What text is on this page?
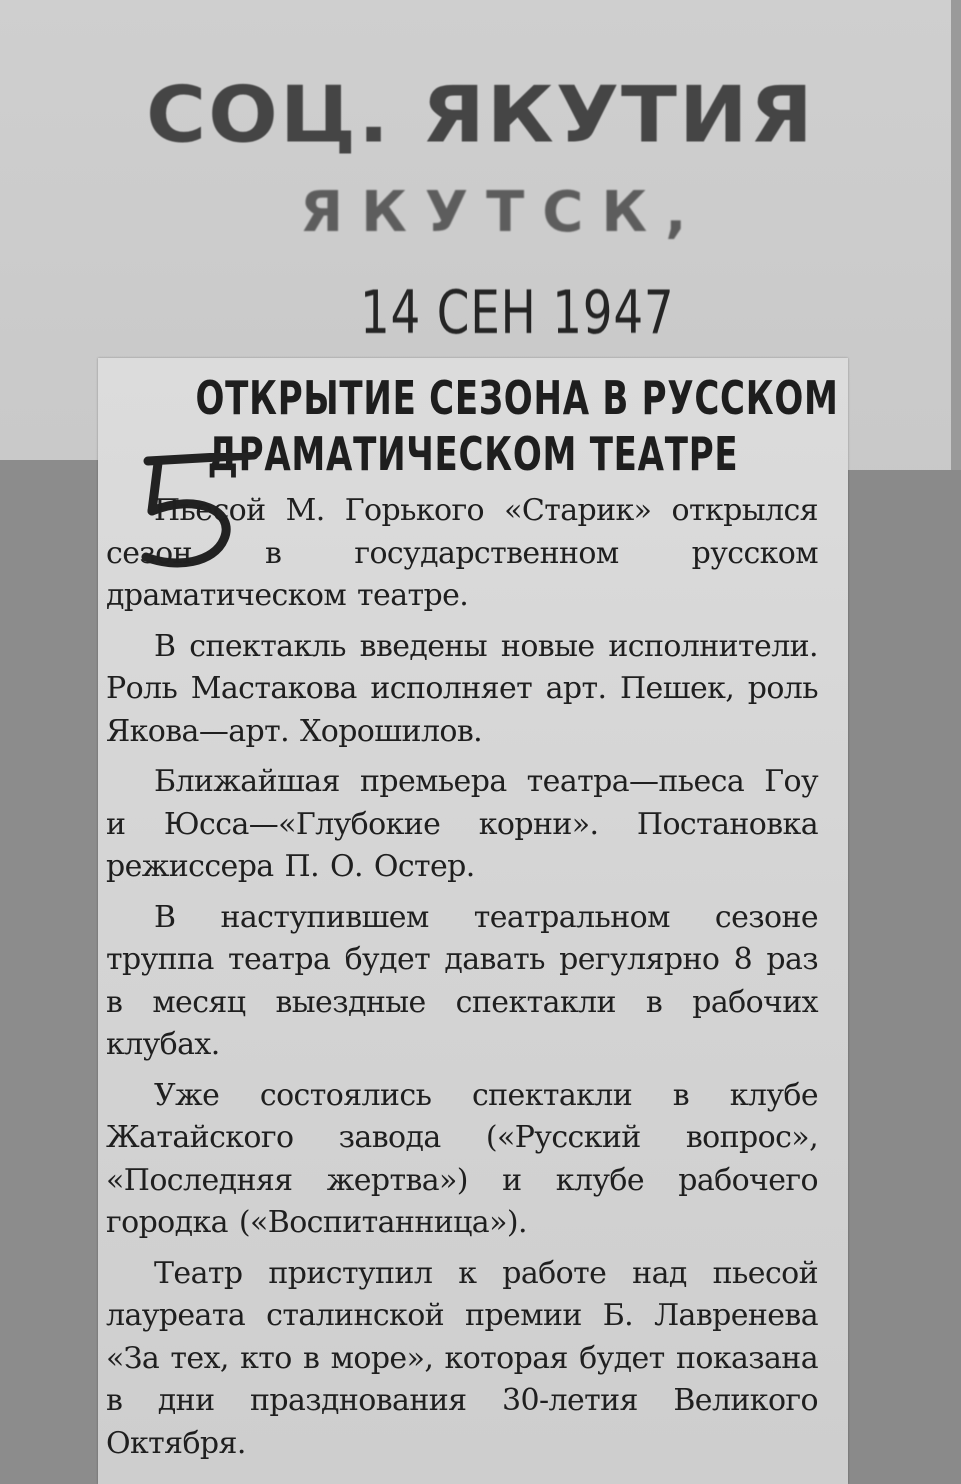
СОЦ. ЯКУТИЯ
ЯКУТСК,
14 СЕН 1947
ОТКРЫТИЕ СЕЗОНА В РУССКОМ
ДРАМАТИЧЕСКОМ ТЕАТРЕ

Пьесой М. Горького «Старик» открылся сезон в государственном русском драматическом театре.

В спектакль введены новые исполнители. Роль Мастакова исполняет арт. Пешек, роль Якова—арт. Хорошилов.

Ближайшая премьера театра—пьеса Гоу и Юсса—«Глубокие корни». Постановка режиссера П. О. Остер.

В наступившем театральном сезоне труппа театра будет давать регулярно 8 раз в месяц выездные спектакли в рабочих клубах.

Уже состоялись спектакли в клубе Жатайского завода («Русский вопрос», «Последняя жертва») и клубе рабочего городка («Воспитанница»).

Театр приступил к работе над пьесой лауреата сталинской премии Б. Лавренева «За тех, кто в море», которая будет показана в дни празднования 30-летия Великого Октября.
